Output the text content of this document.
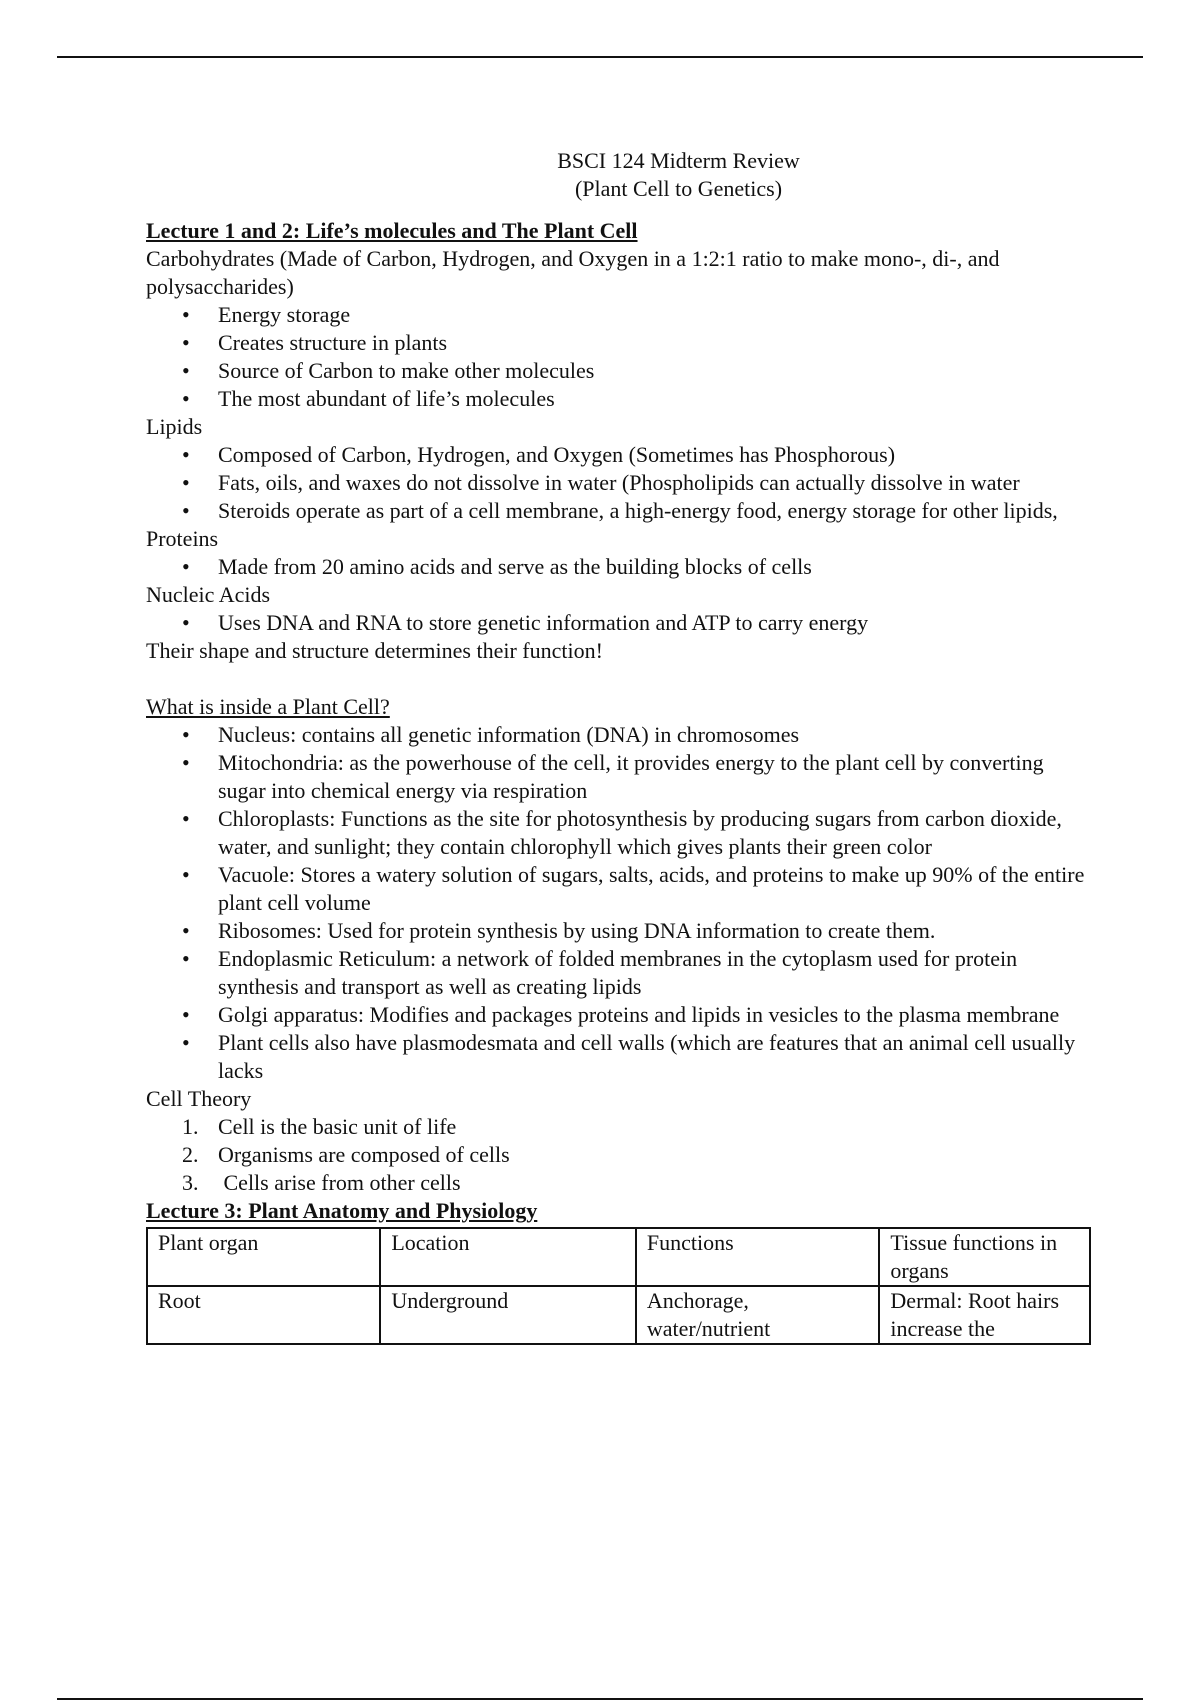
BSCI 124 Midterm Review
(Plant Cell to Genetics)
Lecture 1 and 2: Life’s molecules and The Plant Cell
Carbohydrates (Made of Carbon, Hydrogen, and Oxygen in a 1:2:1 ratio to make mono-, di-, and polysaccharides)
• Energy storage
• Creates structure in plants
• Source of Carbon to make other molecules
• The most abundant of life’s molecules
Lipids
• Composed of Carbon, Hydrogen, and Oxygen (Sometimes has Phosphorous)
• Fats, oils, and waxes do not dissolve in water (Phospholipids can actually dissolve in water
• Steroids operate as part of a cell membrane, a high-energy food, energy storage for other lipids,
Proteins
• Made from 20 amino acids and serve as the building blocks of cells
Nucleic Acids
• Uses DNA and RNA to store genetic information and ATP to carry energy
Their shape and structure determines their function!
What is inside a Plant Cell?
• Nucleus: contains all genetic information (DNA) in chromosomes
• Mitochondria: as the powerhouse of the cell, it provides energy to the plant cell by converting sugar into chemical energy via respiration
• Chloroplasts: Functions as the site for photosynthesis by producing sugars from carbon dioxide, water, and sunlight; they contain chlorophyll which gives plants their green color
• Vacuole: Stores a watery solution of sugars, salts, acids, and proteins to make up 90% of the entire plant cell volume
• Ribosomes: Used for protein synthesis by using DNA information to create them.
• Endoplasmic Reticulum: a network of folded membranes in the cytoplasm used for protein synthesis and transport as well as creating lipids
• Golgi apparatus: Modifies and packages proteins and lipids in vesicles to the plasma membrane
• Plant cells also have plasmodesmata and cell walls (which are features that an animal cell usually lacks
Cell Theory
1. Cell is the basic unit of life
2. Organisms are composed of cells
3. Cells arise from other cells
Lecture 3: Plant Anatomy and Physiology
Plant organ	Location	Functions	Tissue functions in organs
Root	Underground	Anchorage, water/nutrient	Dermal: Root hairs increase the
